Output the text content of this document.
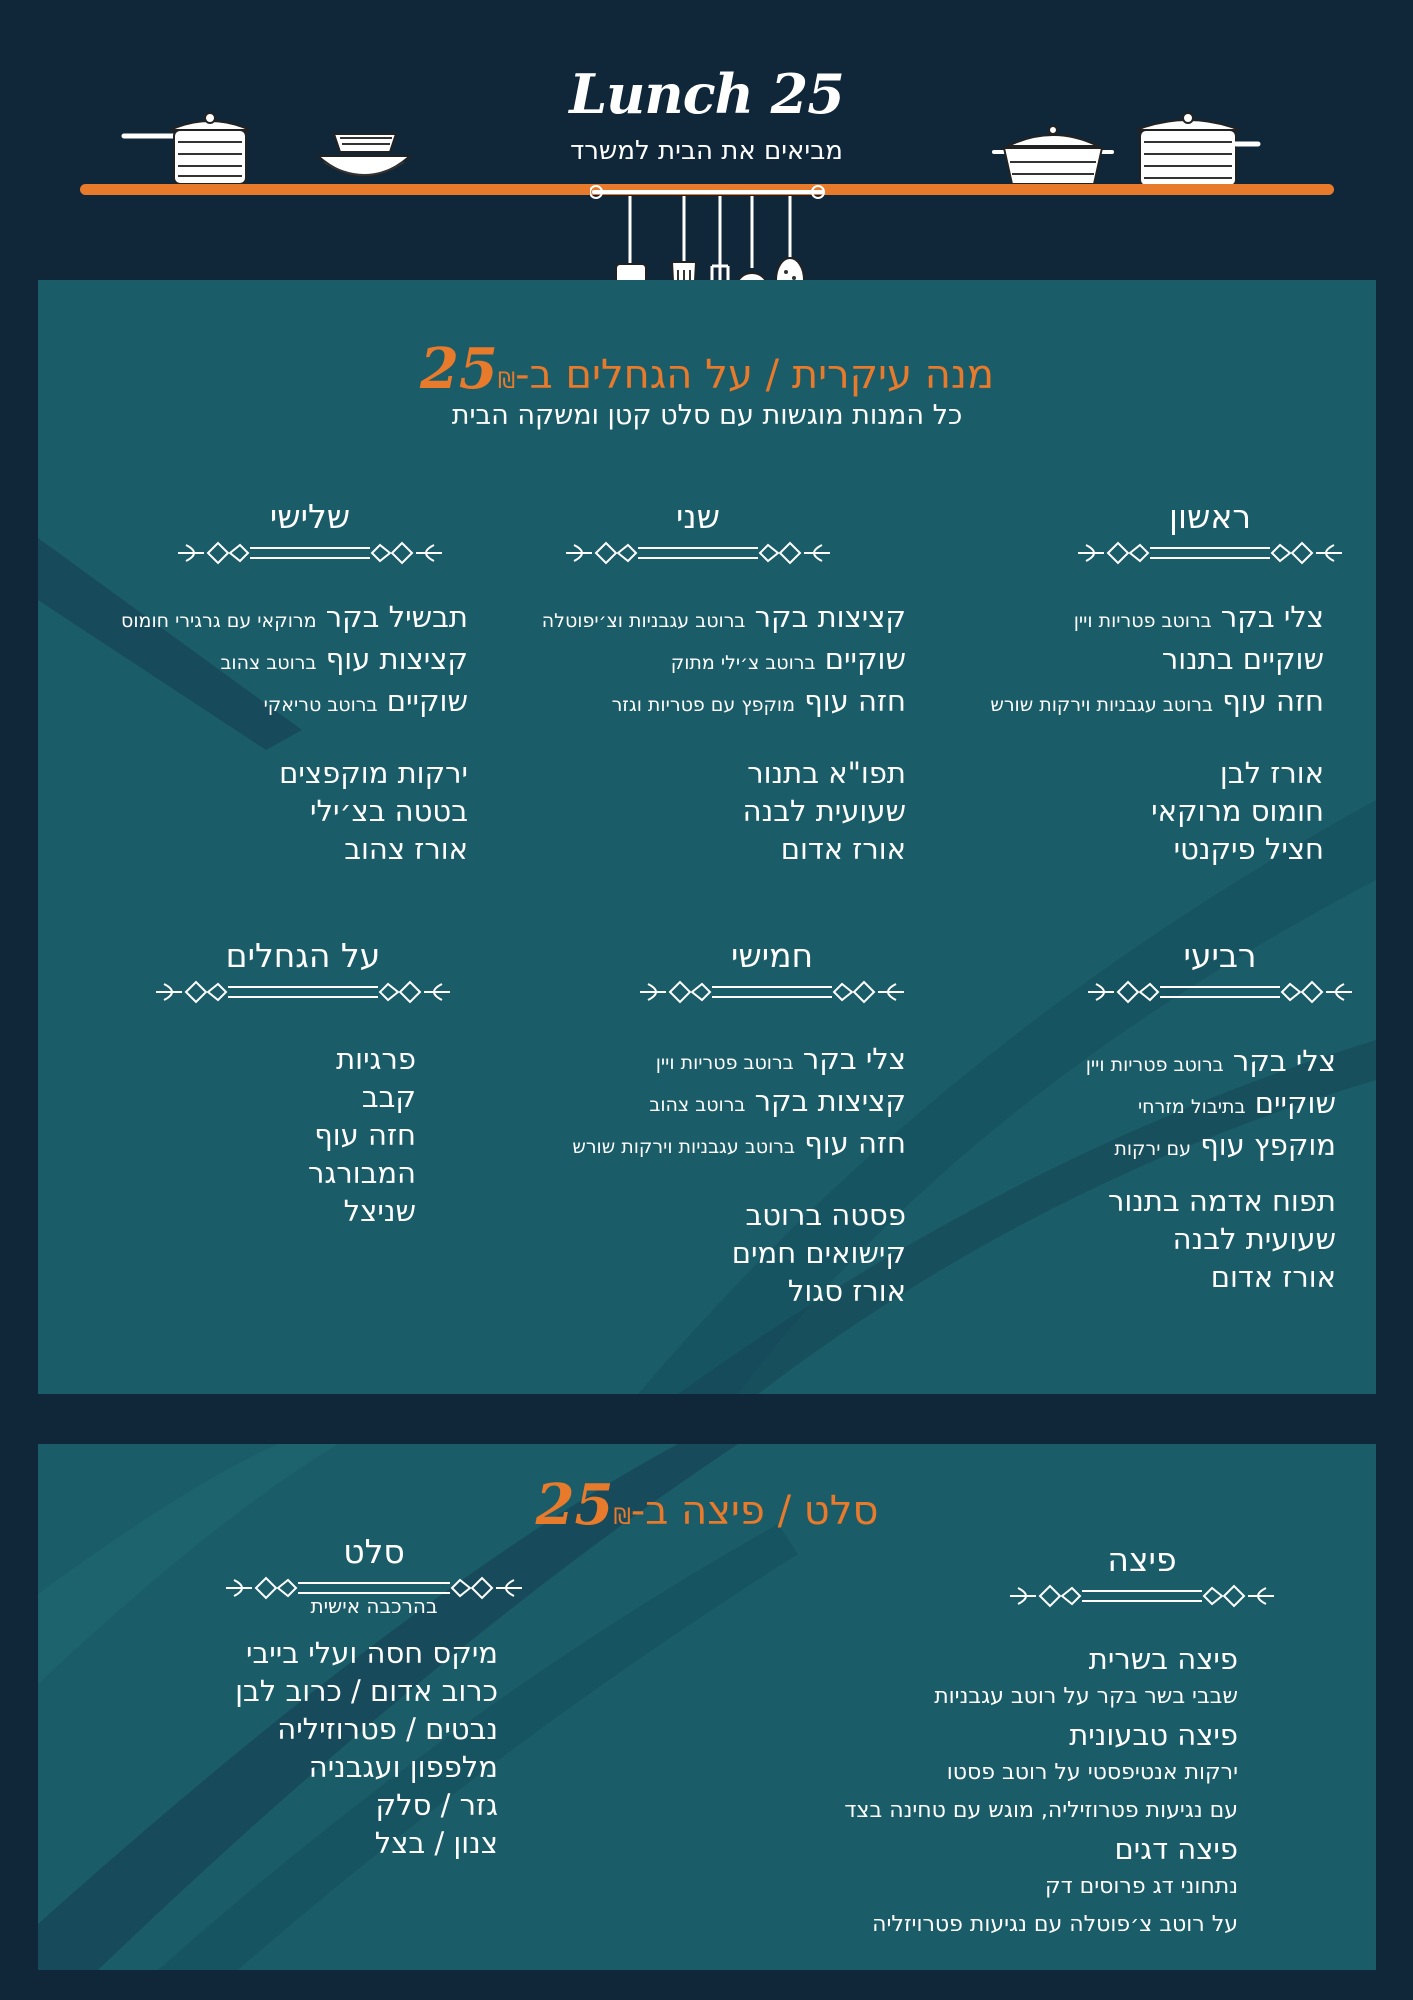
Lunch 25
מביאים את הבית למשרד
מנה עיקרית / על הגחלים ב-25₪
כל המנות מוגשות עם סלט קטן ומשקה הבית
ראשון
צלי בקר ברוטב פטריות ויין
שוקיים בתנור
חזה עוף ברוטב עגבניות וירקות שורש
אורז לבן
חומוס מרוקאי
חציל פיקנטי
שני
קציצות בקר ברוטב עגבניות וצ׳יפוטלה
שוקיים ברוטב צ׳ילי מתוק
חזה עוף מוקפץ עם פטריות וגזר
תפו"א בתנור
שעועית לבנה
אורז אדום
שלישי
תבשיל בקר מרוקאי עם גרגירי חומוס
קציצות עוף ברוטב צהוב
שוקיים ברוטב טריאקי
ירקות מוקפצים
בטטה בצ׳ילי
אורז צהוב
רביעי
צלי בקר ברוטב פטריות ויין
שוקיים בתיבול מזרחי
מוקפץ עוף עם ירקות
תפוח אדמה בתנור
שעועית לבנה
אורז אדום
חמישי
צלי בקר ברוטב פטריות ויין
קציצות בקר ברוטב צהוב
חזה עוף ברוטב עגבניות וירקות שורש
פסטה ברוטב
קישואים חמים
אורז סגול
על הגחלים
פרגיות
קבב
חזה עוף
המבורגר
שניצל
סלט / פיצה ב-25₪
פיצה
פיצה בשרית
שבבי בשר בקר על רוטב עגבניות
פיצה טבעונית
ירקות אנטיפסטי על רוטב פסטו
עם נגיעות פטרוזיליה, מוגש עם טחינה בצד
פיצה דגים
נתחוני דג פרוסים דק
על רוטב צ׳פוטלה עם נגיעות פטרויזליה
סלט
בהרכבה אישית
מיקס חסה ועלי בייבי
כרוב אדום / כרוב לבן
נבטים / פטרוזיליה
מלפפון ועגבניה
גזר / סלק
צנון / בצל
